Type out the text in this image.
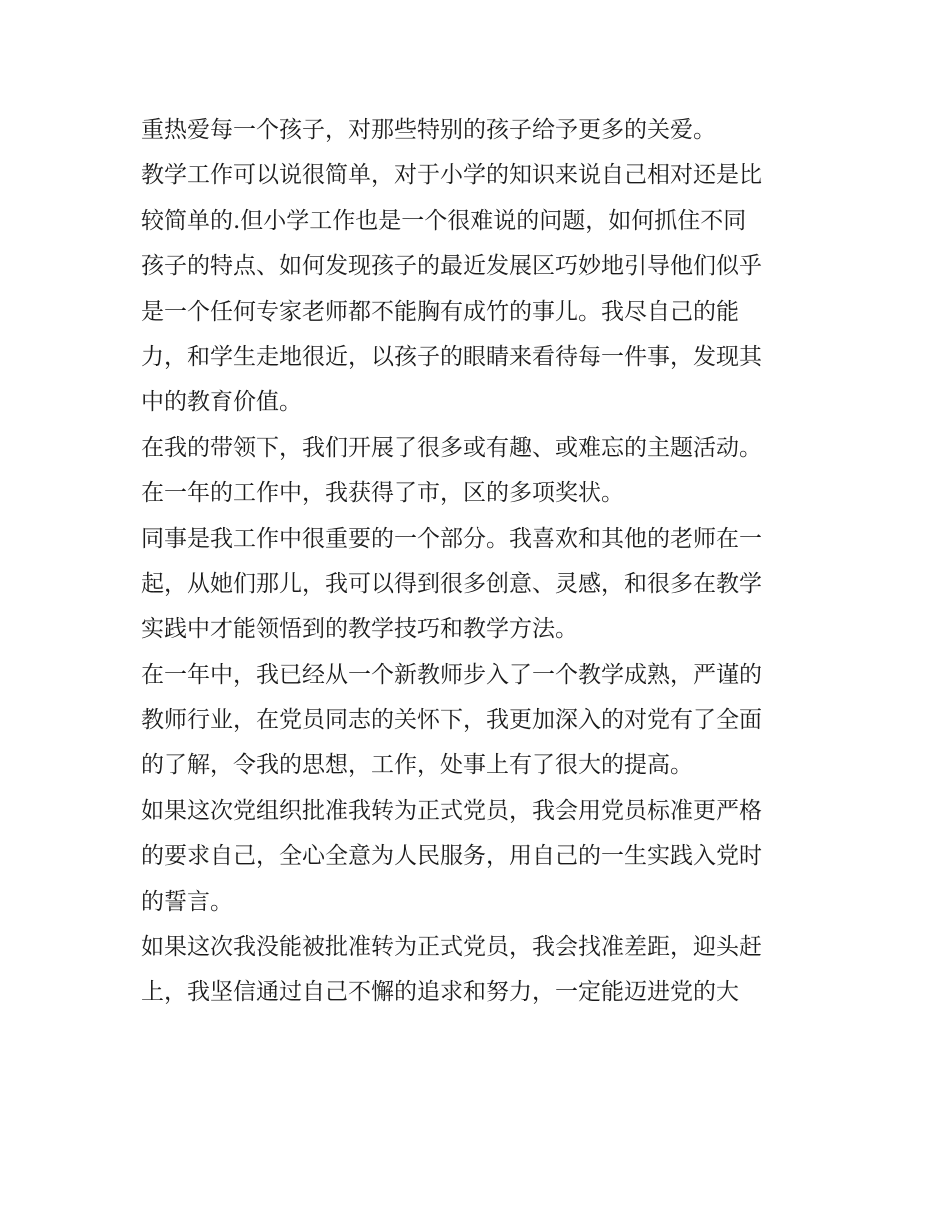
重热爱每一个孩子，对那些特别的孩子给予更多的关爱。
教学工作可以说很简单，对于小学的知识来说自己相对还是比
较简单的.但小学工作也是一个很难说的问题，如何抓住不同
孩子的特点、如何发现孩子的最近发展区巧妙地引导他们似乎
是一个任何专家老师都不能胸有成竹的事儿。我尽自己的能
力，和学生走地很近，以孩子的眼睛来看待每一件事，发现其
中的教育价值。
在我的带领下，我们开展了很多或有趣、或难忘的主题活动。
在一年的工作中，我获得了市，区的多项奖状。
同事是我工作中很重要的一个部分。我喜欢和其他的老师在一
起，从她们那儿，我可以得到很多创意、灵感，和很多在教学
实践中才能领悟到的教学技巧和教学方法。
在一年中，我已经从一个新教师步入了一个教学成熟，严谨的
教师行业，在党员同志的关怀下，我更加深入的对党有了全面
的了解，令我的思想，工作，处事上有了很大的提高。
如果这次党组织批准我转为正式党员，我会用党员标准更严格
的要求自己，全心全意为人民服务，用自己的一生实践入党时
的誓言。
如果这次我没能被批准转为正式党员，我会找准差距，迎头赶
上，我坚信通过自己不懈的追求和努力，一定能迈进党的大
